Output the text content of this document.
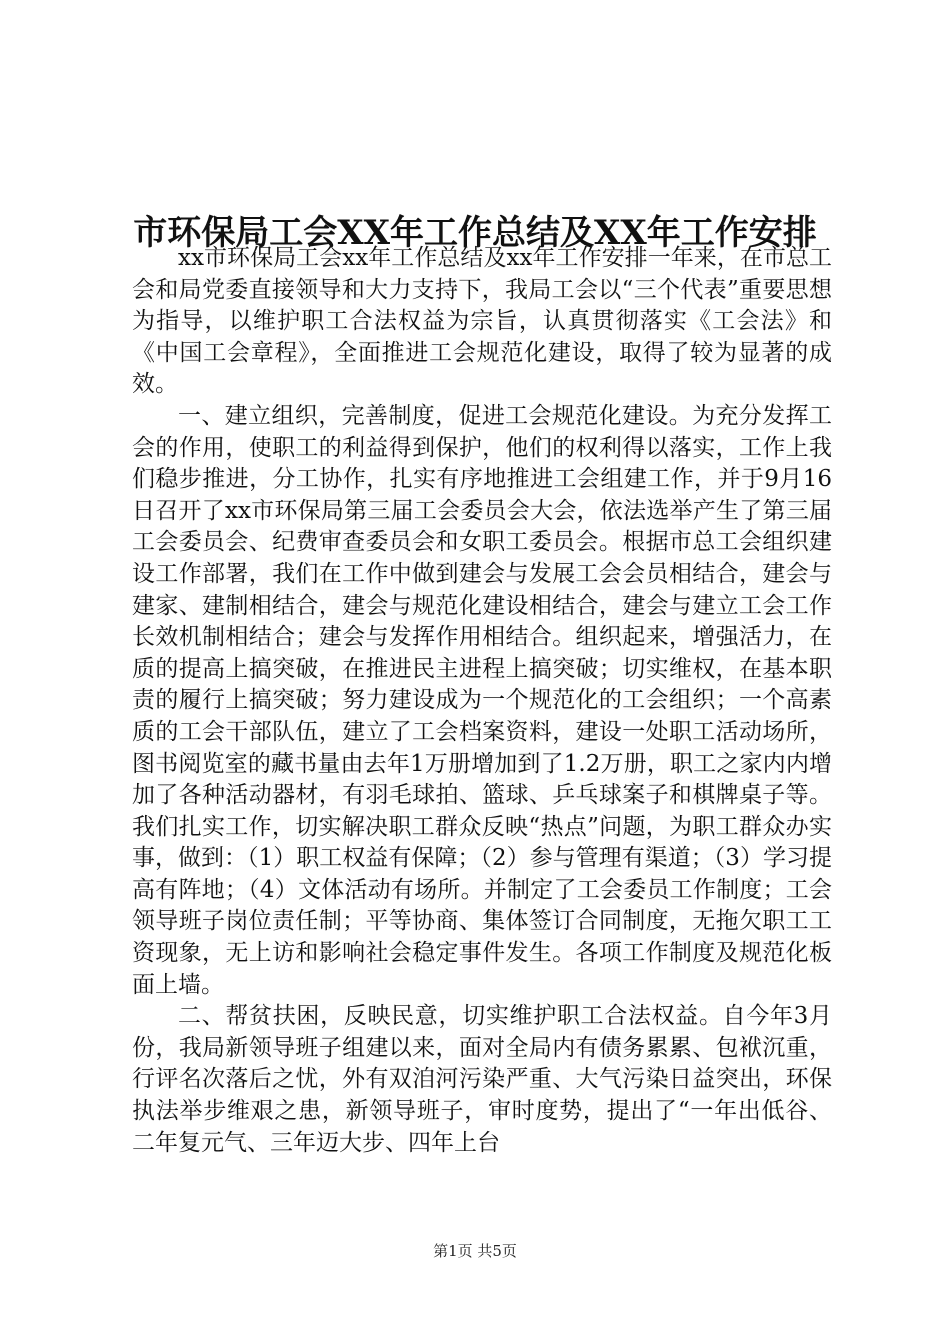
市环保局工会XX年工作总结及XX年工作安排

xx市环保局工会xx年工作总结及xx年工作安排一年来，在市总工会和局党委直接领导和大力支持下，我局工会以“三个代表”重要思想为指导，以维护职工合法权益为宗旨，认真贯彻落实《工会法》和《中国工会章程》，全面推进工会规范化建设，取得了较为显著的成效。

一、建立组织，完善制度，促进工会规范化建设。为充分发挥工会的作用，使职工的利益得到保护，他们的权利得以落实，工作上我们稳步推进，分工协作，扎实有序地推进工会组建工作，并于9月16日召开了xx市环保局第三届工会委员会大会，依法选举产生了第三届工会委员会、纪费审查委员会和女职工委员会。根据市总工会组织建设工作部署，我们在工作中做到建会与发展工会会员相结合，建会与建家、建制相结合，建会与规范化建设相结合，建会与建立工会工作长效机制相结合；建会与发挥作用相结合。组织起来，增强活力，在质的提高上搞突破，在推进民主进程上搞突破；切实维权，在基本职责的履行上搞突破；努力建设成为一个规范化的工会组织；一个高素质的工会干部队伍，建立了工会档案资料，建设一处职工活动场所，图书阅览室的藏书量由去年1万册增加到了1.2万册，职工之家内内增加了各种活动器材，有羽毛球拍、篮球、乒乓球案子和棋牌桌子等。我们扎实工作，切实解决职工群众反映“热点”问题，为职工群众办实事，做到：（1）职工权益有保障；（2）参与管理有渠道；（3）学习提高有阵地；（4）文体活动有场所。并制定了工会委员工作制度；工会领导班子岗位责任制；平等协商、集体签订合同制度，无拖欠职工工资现象，无上访和影响社会稳定事件发生。各项工作制度及规范化板面上墙。

二、帮贫扶困，反映民意，切实维护职工合法权益。自今年3月份，我局新领导班子组建以来，面对全局内有债务累累、包袱沉重，行评名次落后之忧，外有双洎河污染严重、大气污染日益突出，环保执法举步维艰之患，新领导班子，审时度势，提出了“一年出低谷、二年复元气、三年迈大步、四年上台

第1页 共5页
